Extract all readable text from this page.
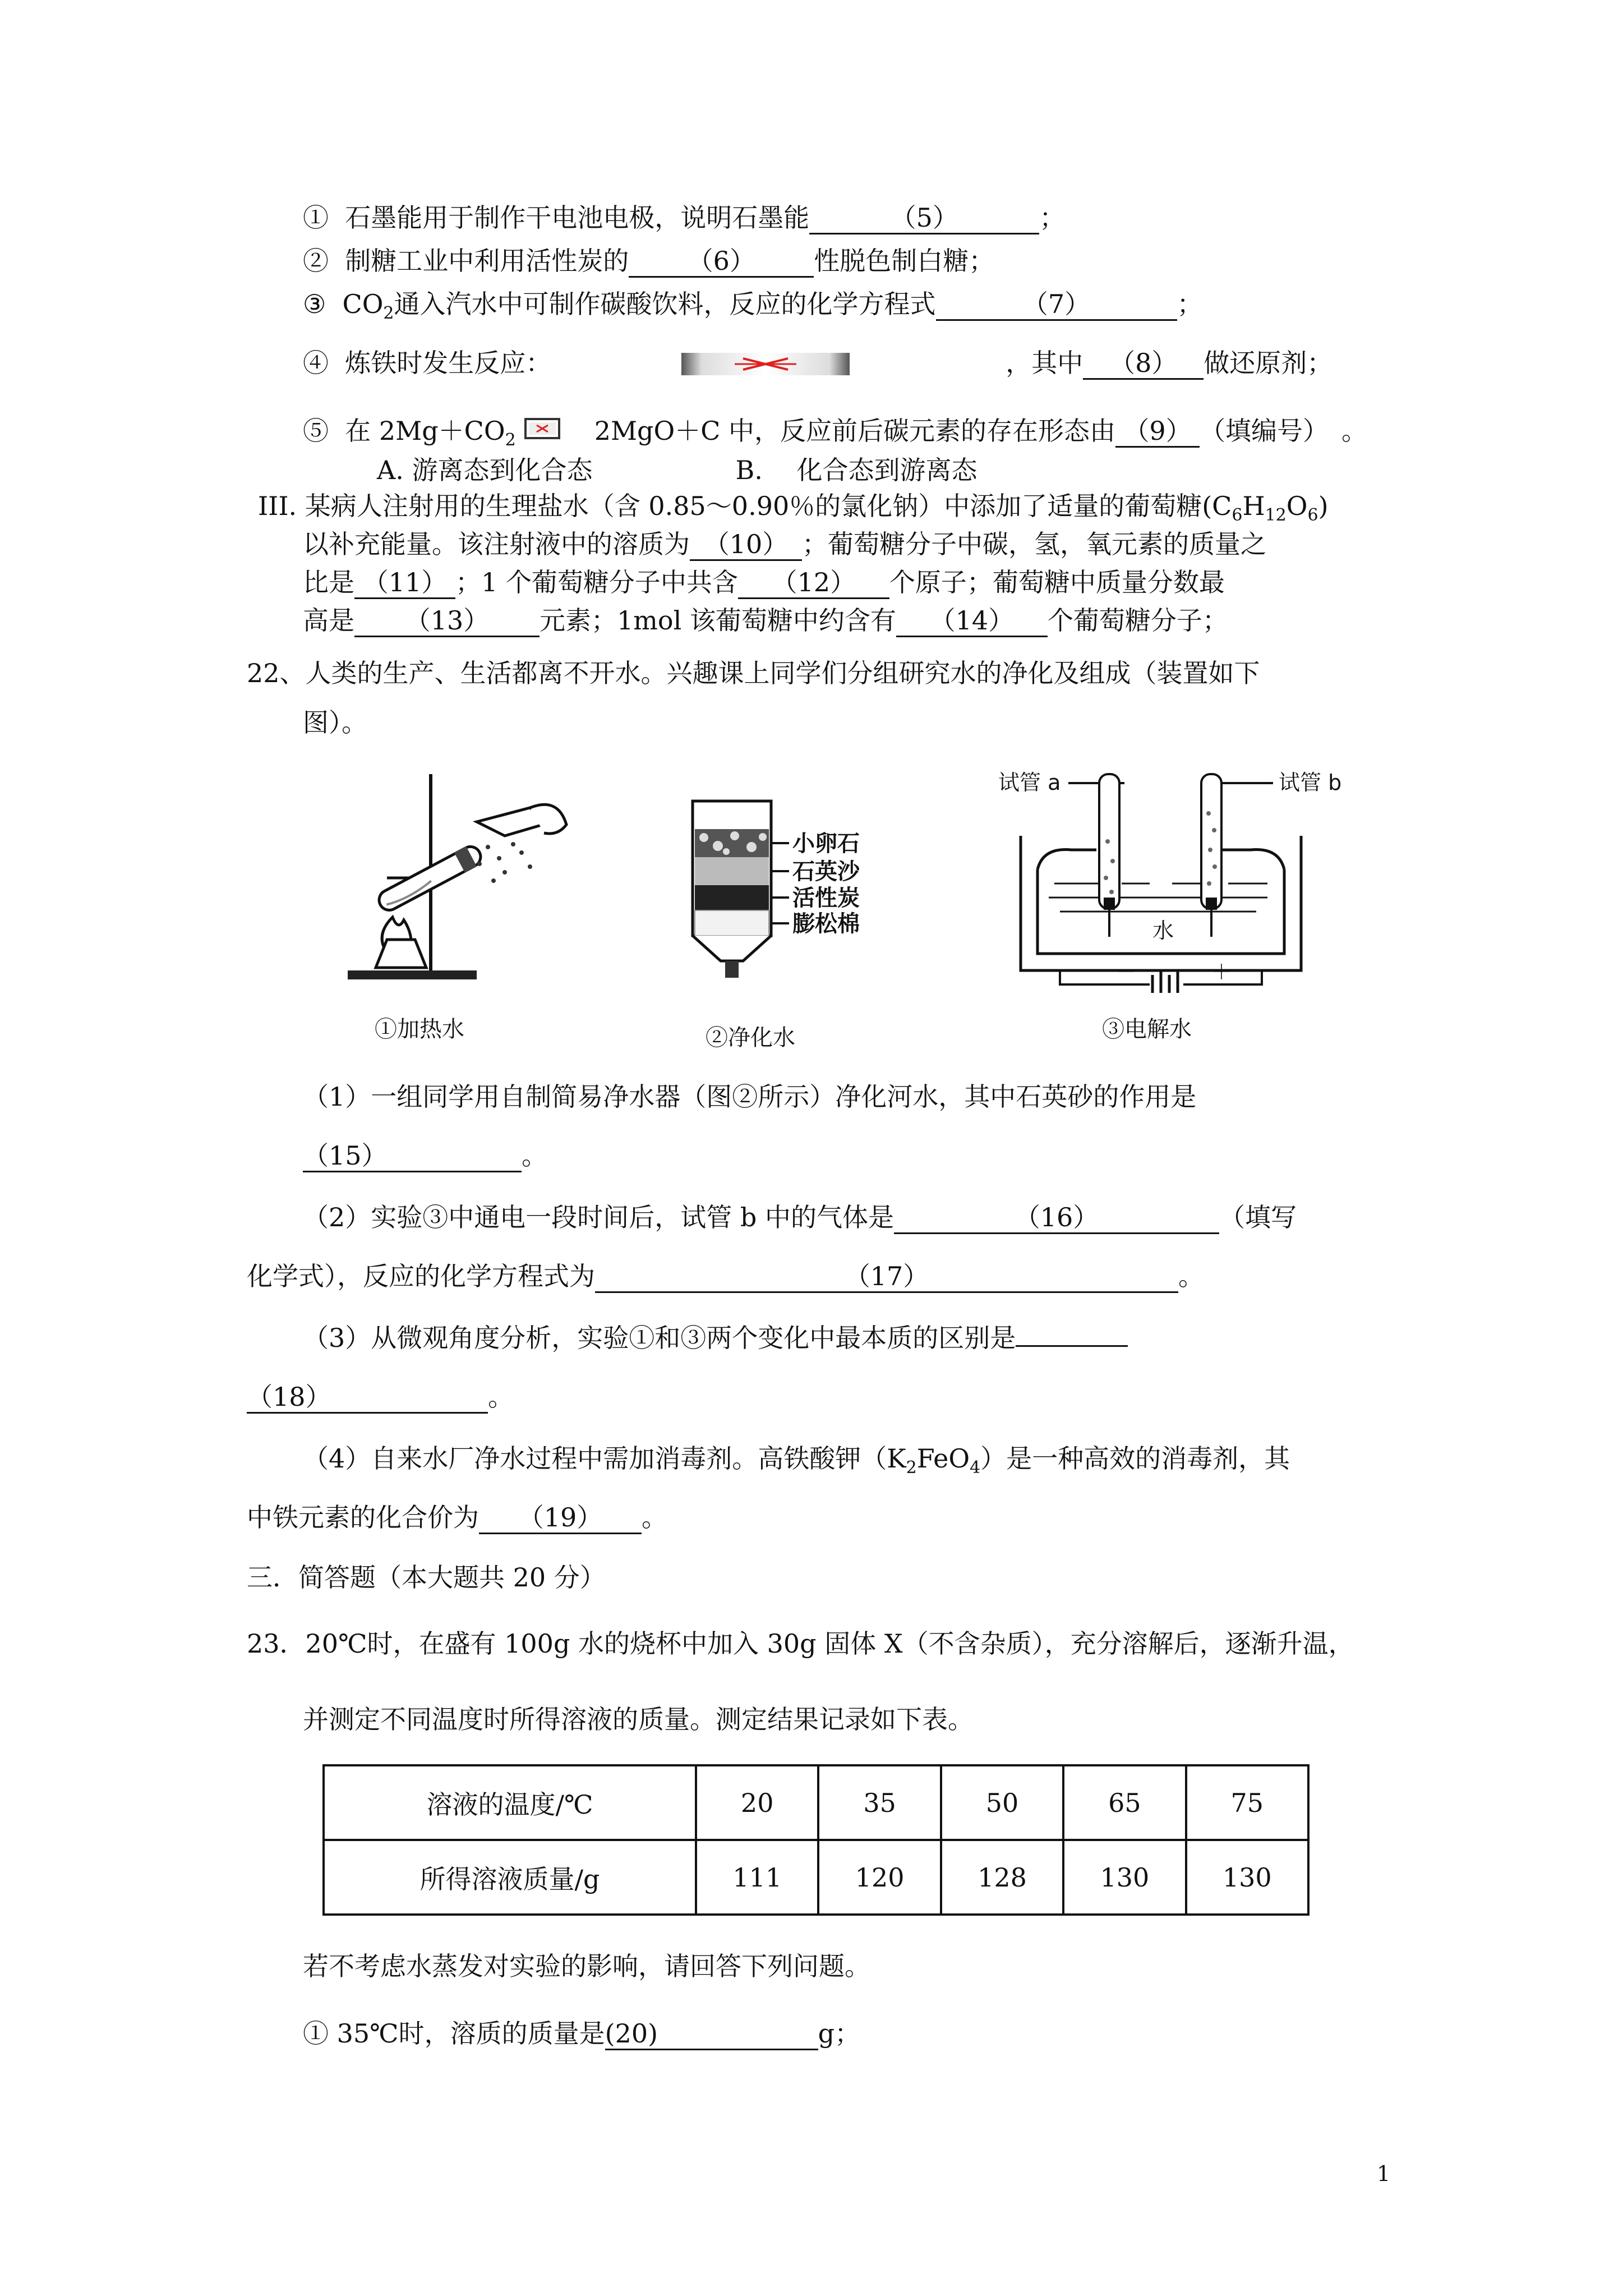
① 石墨能用于制作干电池电极，说明石墨能	（5）	；
② 制糖工业中利用活性炭的 （6） 性脱色制白糖；
③ $CO_2$通入汽水中可制作碳酸饮料，反应的化学方程式	（7）	；
④ 炼铁时发生反应：	，其中 （8） 做还原剂；
⑤ 在 $2Mg+CO_2$	2MgO＋C 中，反应前后碳元素的存在形态由 （9） （填编号）　。
A. 游离态到化合态	B.　 化合态到游离态
III. 某病人注射用的生理盐水（含 0.85～0.90％的氯化钠）中添加了适量的葡萄糖$(C_6H_{12}O_6)$
以补充能量。该注射液中的溶质为 （10） ；葡萄糖分子中碳，氢，氧元素的质量之
比是 （11） ；1 个葡萄糖分子中共含 （12） 个原子；葡萄糖中质量分数最
高是 （13） 元素；1mol 该葡萄糖中约含有 （14） 个葡萄糖分子；
22、人类的生产、生活都离不开水。兴趣课上同学们分组研究水的净化及组成（装置如下
图）。
①加热水
小卵石
石英沙
活性炭
膨松棉
②净化水
试管 a	试管 b
水
－	＋
③电解水
（1）一组同学用自制简易净水器（图②所示）净化河水，其中石英砂的作用是
（15）	。
（2）实验③中通电一段时间后，试管 b 中的气体是	（16）	（填写
化学式），反应的化学方程式为	（17）	。
（3）从微观角度分析，实验①和③两个变化中最本质的区别是
（18）	。
（4）自来水厂净水过程中需加消毒剂。高铁酸钾$(K_2FeO_4)$是一种高效的消毒剂，其
中铁元素的化合价为 （19） 。
三．简答题（本大题共 20 分）
23．20℃时，在盛有 100g 水的烧杯中加入 30g 固体 X（不含杂质），充分溶解后，逐渐升温，
并测定不同温度时所得溶液的质量。测定结果记录如下表。
溶液的温度/℃	20	35	50	65	75
所得溶液质量/g	111	120	128	130	130
若不考虑水蒸发对实验的影响，请回答下列问题。
① 35℃时，溶质的质量是(20)	g；
1
